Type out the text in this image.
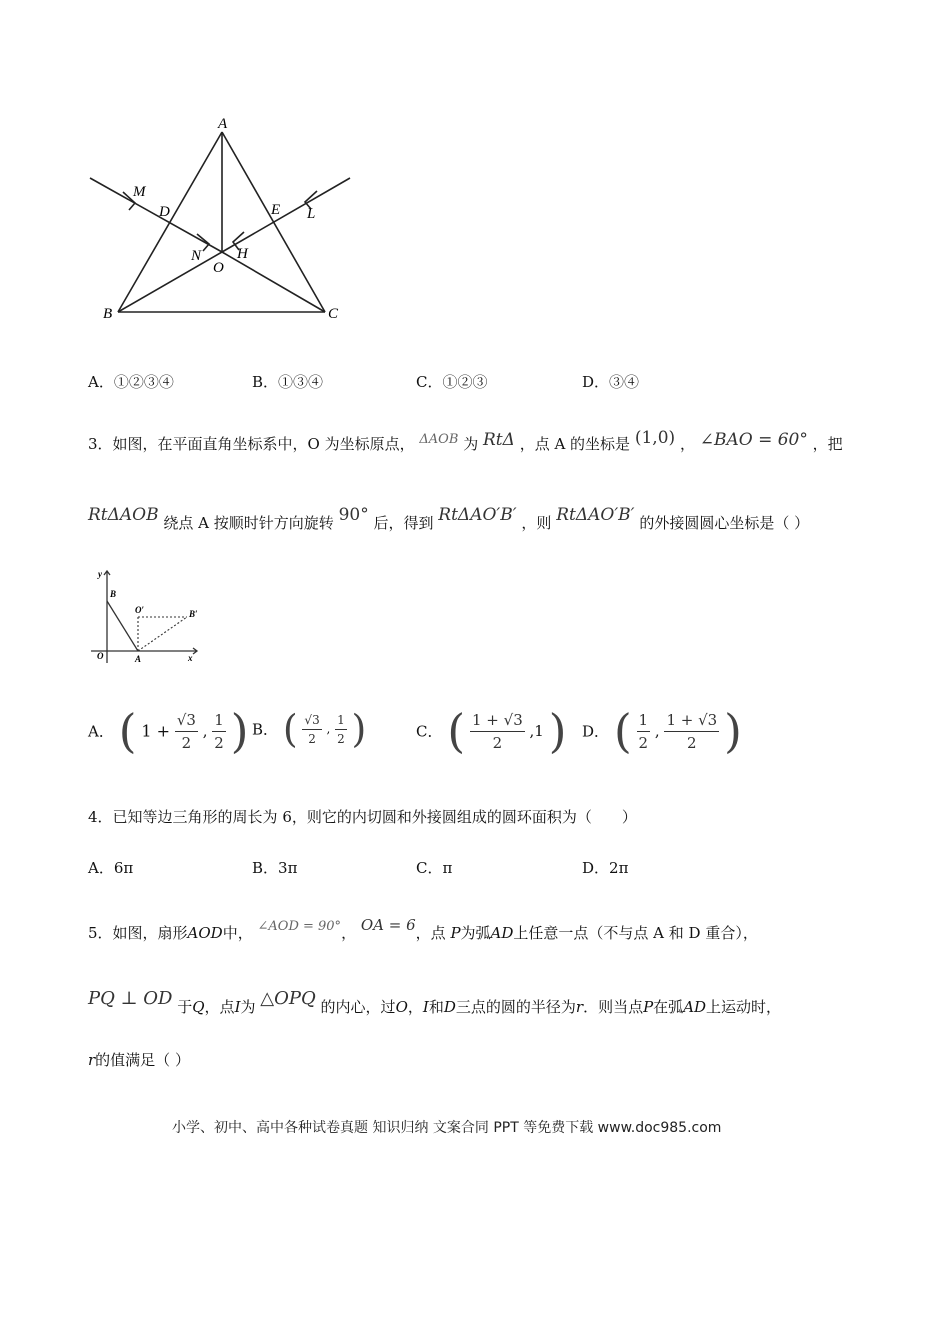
A
B	C
D	E
M
L
N H
O
A．①②③④	B．①③④	C．①②③	D．③④
3．如图，在平面直角坐标系中，O 为坐标原点， ΔAOB 为 RtΔ ，点 A 的坐标是 (1,0) ， ∠BAO = 60° ，把
RtΔAOB 绕点 A 按顺时针方向旋转 90° 后，得到 RtΔAO′B′ ，则 RtΔAO′B′ 的外接圆圆心坐标是（ ）
y
x
O	A
B
O′	B′
A． ( $1 + \frac{√3}{2}$ , $\frac{1}{2}$ ) B． ( $\frac{√3}{2}$ , $\frac{1}{2}$ )	C． ( $\frac{1 + √3}{2} ,1$ ) D． ( $\frac{1}{2}$ , $\frac{1 + √3}{2}$ )
4．已知等边三角形的周长为 6，则它的内切圆和外接圆组成的圆环面积为（　　）
A．6π	B．3π	C．π	D．2π
5．如图，扇形AOD中， ∠AOD = 90°， OA = 6，点 P为弧AD上任意一点（不与点 A 和 D 重合），
PQ ⊥ OD 于Q，点I为 △OPQ 的内心，过O，I和D三点的圆的半径为r．则当点P在弧AD上运动时，
r的值满足（ ）
小学、初中、高中各种试卷真题 知识归纳 文案合同 PPT 等免费下载 www.doc985.com
